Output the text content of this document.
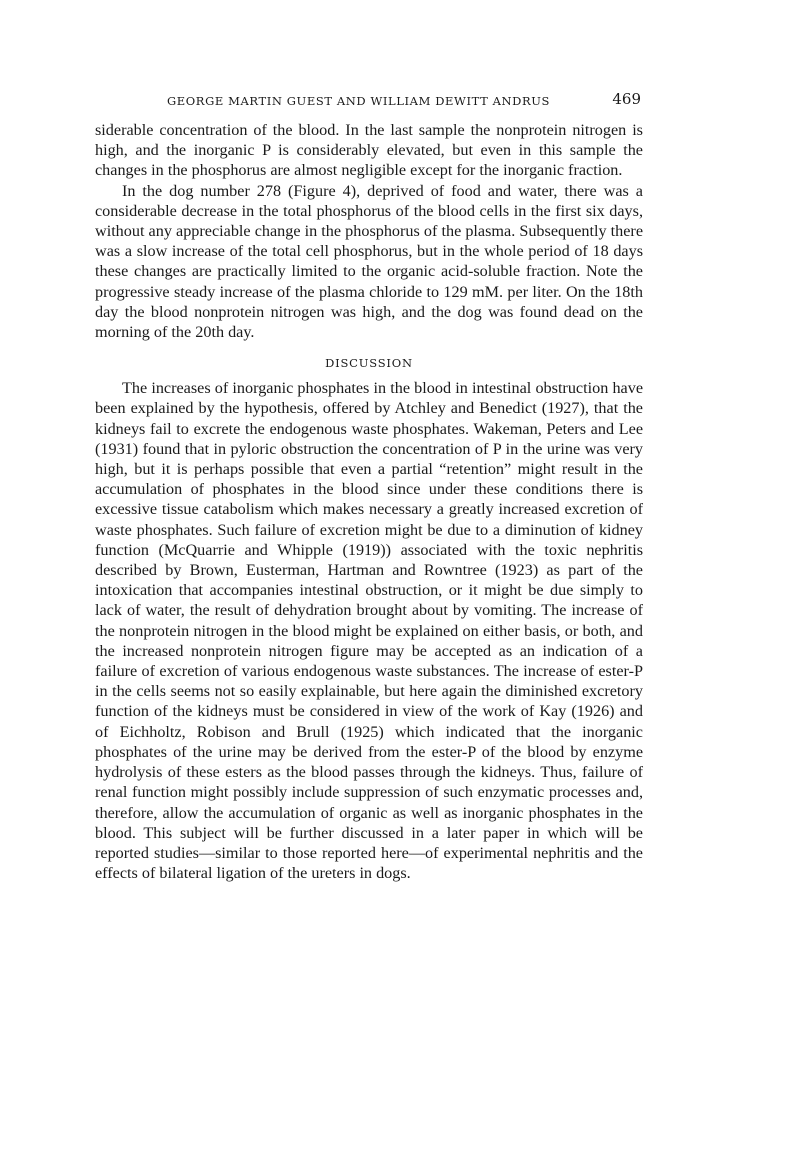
GEORGE MARTIN GUEST AND WILLIAM DEWITT ANDRUS	469

siderable concentration of the blood. In the last sample the nonprotein nitrogen is high, and the inorganic P is considerably elevated, but even in this sample the changes in the phosphorus are almost negligible except for the inorganic fraction.

In the dog number 278 (Figure 4), deprived of food and water, there was a considerable decrease in the total phosphorus of the blood cells in the first six days, without any appreciable change in the phosphorus of the plasma. Subsequently there was a slow increase of the total cell phosphorus, but in the whole period of 18 days these changes are practically limited to the organic acid-soluble fraction. Note the progressive steady increase of the plasma chloride to 129 mM. per liter. On the 18th day the blood nonprotein nitrogen was high, and the dog was found dead on the morning of the 20th day.

DISCUSSION

The increases of inorganic phosphates in the blood in intestinal obstruction have been explained by the hypothesis, offered by Atchley and Benedict (1927), that the kidneys fail to excrete the endogenous waste phosphates. Wakeman, Peters and Lee (1931) found that in pyloric obstruction the concentration of P in the urine was very high, but it is perhaps possible that even a partial “retention” might result in the accumulation of phosphates in the blood since under these conditions there is excessive tissue catabolism which makes necessary a greatly increased excretion of waste phosphates. Such failure of excretion might be due to a diminution of kidney function (McQuarrie and Whipple (1919)) associated with the toxic nephritis described by Brown, Eusterman, Hartman and Rowntree (1923) as part of the intoxication that accompanies intestinal obstruction, or it might be due simply to lack of water, the result of dehydration brought about by vomiting. The increase of the nonprotein nitrogen in the blood might be explained on either basis, or both, and the increased nonprotein nitrogen figure may be accepted as an indication of a failure of excretion of various endogenous waste substances. The increase of ester-P in the cells seems not so easily explainable, but here again the diminished excretory function of the kidneys must be considered in view of the work of Kay (1926) and of Eichholtz, Robison and Brull (1925) which indicated that the inorganic phosphates of the urine may be derived from the ester-P of the blood by enzyme hydrolysis of these esters as the blood passes through the kidneys. Thus, failure of renal function might possibly include suppression of such enzymatic processes and, therefore, allow the accumulation of organic as well as inorganic phosphates in the blood. This subject will be further discussed in a later paper in which will be reported studies—similar to those reported here—of experimental nephritis and the effects of bilateral ligation of the ureters in dogs.
